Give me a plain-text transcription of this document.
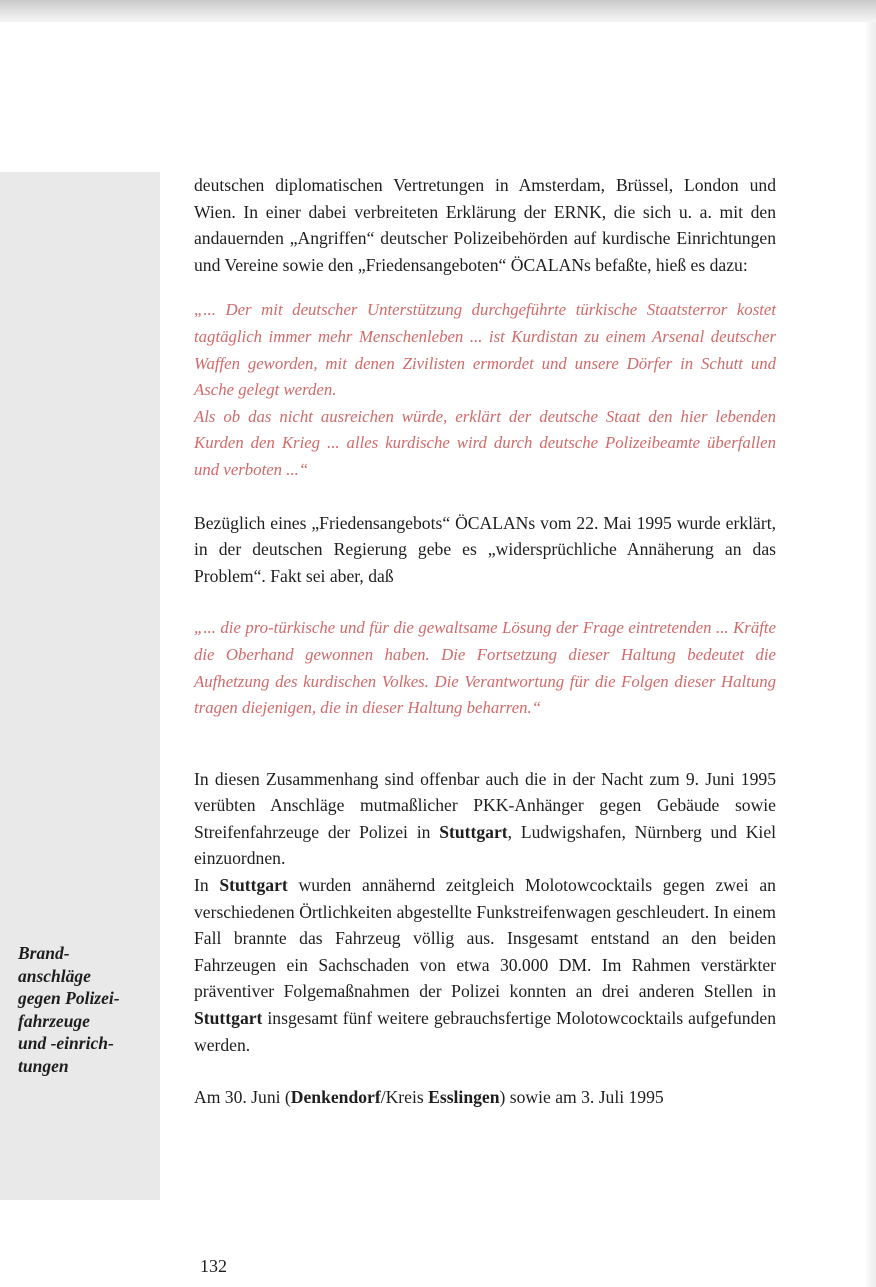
Brand-
anschläge
gegen Polizei-
fahrzeuge
und -einrich-
tungen

deutschen diplomatischen Vertretungen in Amsterdam, Brüssel, London und Wien. In einer dabei verbreiteten Erklärung der ERNK, die sich u. a. mit den andauernden „Angriffen“ deutscher Polizeibehörden auf kurdische Einrichtungen und Vereine sowie den „Friedensangeboten“ ÖCALANs befaßte, hieß es dazu:

„... Der mit deutscher Unterstützung durchgeführte türkische Staatsterror kostet tagtäglich immer mehr Menschenleben ... ist Kurdistan zu einem Arsenal deutscher Waffen geworden, mit denen Zivilisten ermordet und unsere Dörfer in Schutt und Asche gelegt werden.

Als ob das nicht ausreichen würde, erklärt der deutsche Staat den hier lebenden Kurden den Krieg ... alles kurdische wird durch deutsche Polizeibeamte überfallen und verboten ...“

Bezüglich eines „Friedensangebots“ ÖCALANs vom 22. Mai 1995 wurde erklärt, in der deutschen Regierung gebe es „widersprüchliche Annäherung an das Problem“. Fakt sei aber, daß

„... die pro-türkische und für die gewaltsame Lösung der Frage eintretenden ... Kräfte die Oberhand gewonnen haben. Die Fortsetzung dieser Haltung bedeutet die Aufhetzung des kurdischen Volkes. Die Verantwortung für die Folgen dieser Haltung tragen diejenigen, die in dieser Haltung beharren.“

In diesen Zusammenhang sind offenbar auch die in der Nacht zum 9. Juni 1995 verübten Anschläge mutmaßlicher PKK-Anhänger gegen Gebäude sowie Streifenfahrzeuge der Polizei in Stuttgart, Ludwigshafen, Nürnberg und Kiel einzuordnen.

In Stuttgart wurden annähernd zeitgleich Molotowcocktails gegen zwei an verschiedenen Örtlichkeiten abgestellte Funkstreifenwagen geschleudert. In einem Fall brannte das Fahrzeug völlig aus. Insgesamt entstand an den beiden Fahrzeugen ein Sachschaden von etwa 30.000 DM. Im Rahmen verstärkter präventiver Folgemaßnahmen der Polizei konnten an drei anderen Stellen in Stuttgart insgesamt fünf weitere gebrauchsfertige Molotowcocktails aufgefunden werden.

Am 30. Juni (Denkendorf/Kreis Esslingen) sowie am 3. Juli 1995

132
